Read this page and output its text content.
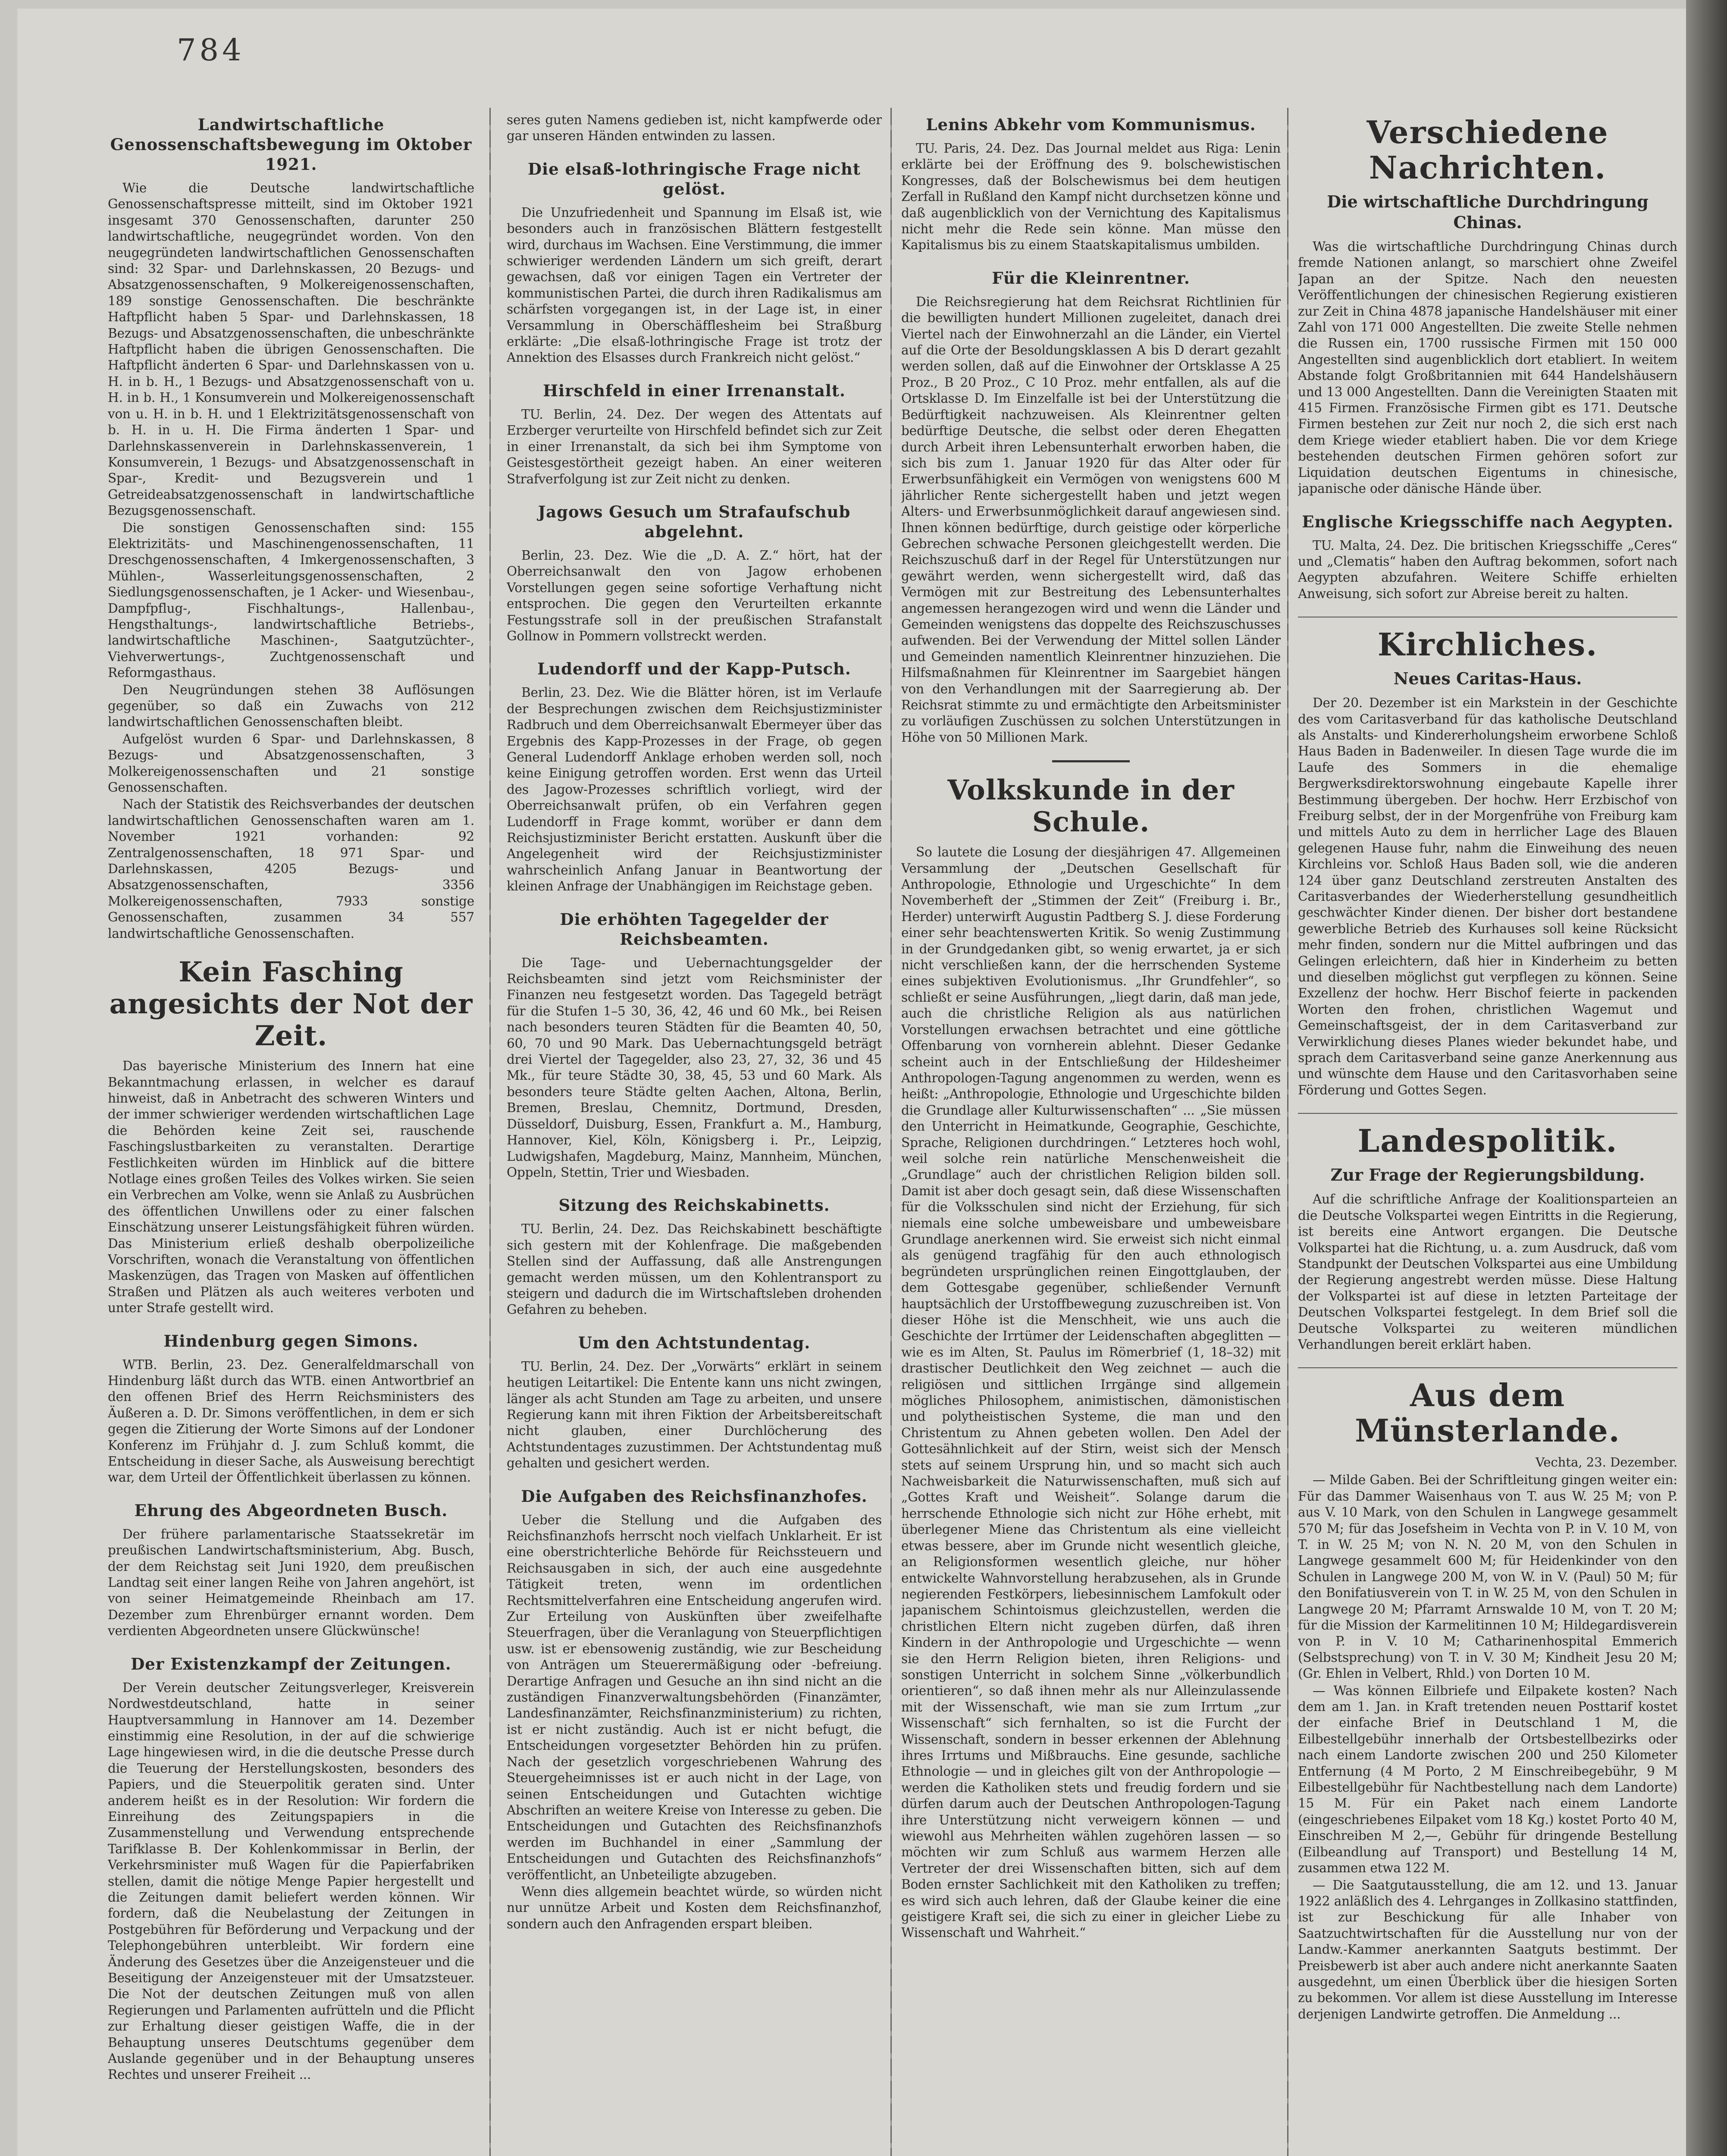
784
Landwirtschaftliche Genossenschaftsbewegung im Oktober 1921.

Wie die Deutsche landwirtschaftliche Genossenschaftspresse mitteilt, sind im Oktober 1921 insgesamt 370 Genossenschaften, darunter 250 landwirtschaftliche, neugegründet worden. Von den neugegründeten landwirtschaftlichen Genossenschaften sind: 32 Spar- und Darlehnskassen, 20 Bezugs- und Absatzgenossenschaften, 9 Molkereigenossenschaften, 189 sonstige Genossenschaften. Die beschränkte Haftpflicht haben 5 Spar- und Darlehnskassen, 18 Bezugs- und Absatzgenossenschaften, die unbeschränkte Haftpflicht haben die übrigen Genossenschaften. Die Haftpflicht änderten 6 Spar- und Darlehnskassen von u. H. in b. H., 1 Bezugs- und Absatzgenossenschaft von u. H. in b. H., 1 Konsumverein und Molkereigenossenschaft von u. H. in b. H. und 1 Elektrizitätsgenossenschaft von b. H. in u. H. Die Firma änderten 1 Spar- und Darlehnskassenverein in Darlehnskassenverein, 1 Konsumverein, 1 Bezugs- und Absatzgenossenschaft in Spar-, Kredit- und Bezugsverein und 1 Getreideabsatzgenossenschaft in landwirtschaftliche Bezugsgenossenschaft.

Die sonstigen Genossenschaften sind: 155 Elektrizitäts- und Maschinengenossenschaften, 11 Dreschgenossenschaften, 4 Imkergenossenschaften, 3 Mühlen-, Wasserleitungsgenossenschaften, 2 Siedlungsgenossenschaften, je 1 Acker- und Wiesenbau-, Dampfpflug-, Fischhaltungs-, Hallenbau-, Hengsthaltungs-, landwirtschaftliche Betriebs-, landwirtschaftliche Maschinen-, Saatgutzüchter-, Viehverwertungs-, Zuchtgenossenschaft und Reformgasthaus.

Den Neugründungen stehen 38 Auflösungen gegenüber, so daß ein Zuwachs von 212 landwirtschaftlichen Genossenschaften bleibt.

Aufgelöst wurden 6 Spar- und Darlehnskassen, 8 Bezugs- und Absatzgenossenschaften, 3 Molkereigenossenschaften und 21 sonstige Genossenschaften.

Nach der Statistik des Reichsverbandes der deutschen landwirtschaftlichen Genossenschaften waren am 1. November 1921 vorhanden: 92 Zentralgenossenschaften, 18 971 Spar- und Darlehnskassen, 4205 Bezugs- und Absatzgenossenschaften, 3356 Molkereigenossenschaften, 7933 sonstige Genossenschaften, zusammen 34 557 landwirtschaftliche Genossenschaften.

Kein Fasching angesichts der Not der Zeit.

Das bayerische Ministerium des Innern hat eine Bekanntmachung erlassen, in welcher es darauf hinweist, daß in Anbetracht des schweren Winters und der immer schwieriger werdenden wirtschaftlichen Lage die Behörden keine Zeit sei, rauschende Faschingslustbarkeiten zu veranstalten. Derartige Festlichkeiten würden im Hinblick auf die bittere Notlage eines großen Teiles des Volkes wirken. Sie seien ein Verbrechen am Volke, wenn sie Anlaß zu Ausbrüchen des öffentlichen Unwillens oder zu einer falschen Einschätzung unserer Leistungsfähigkeit führen würden. Das Ministerium erließ deshalb oberpolizeiliche Vorschriften, wonach die Veranstaltung von öffentlichen Maskenzügen, das Tragen von Masken auf öffentlichen Straßen und Plätzen als auch weiteres verboten und unter Strafe gestellt wird.

Hindenburg gegen Simons.

WTB. Berlin, 23. Dez. Generalfeldmarschall von Hindenburg läßt durch das WTB. einen Antwortbrief an den offenen Brief des Herrn Reichsministers des Äußeren a. D. Dr. Simons veröffentlichen, in dem er sich gegen die Zitierung der Worte Simons auf der Londoner Konferenz im Frühjahr d. J. zum Schluß kommt, die Entscheidung in dieser Sache, als Ausweisung berechtigt war, dem Urteil der Öffentlichkeit überlassen zu können.

Ehrung des Abgeordneten Busch.

Der frühere parlamentarische Staatssekretär im preußischen Landwirtschaftsministerium, Abg. Busch, der dem Reichstag seit Juni 1920, dem preußischen Landtag seit einer langen Reihe von Jahren angehört, ist von seiner Heimatgemeinde Rheinbach am 17. Dezember zum Ehrenbürger ernannt worden. Dem verdienten Abgeordneten unsere Glückwünsche!

Der Existenzkampf der Zeitungen.

Der Verein deutscher Zeitungsverleger, Kreisverein Nordwestdeutschland, hatte in seiner Hauptversammlung in Hannover am 14. Dezember einstimmig eine Resolution, in der auf die schwierige Lage hingewiesen wird, in die die deutsche Presse durch die Teuerung der Herstellungskosten, besonders des Papiers, und die Steuerpolitik geraten sind. Unter anderem heißt es in der Resolution: Wir fordern die Einreihung des Zeitungspapiers in die Zusammenstellung und Verwendung entsprechende Tarifklasse B. Der Kohlenkommissar in Berlin, der Verkehrsminister muß Wagen für die Papierfabriken stellen, damit die nötige Menge Papier hergestellt und die Zeitungen damit beliefert werden können. Wir fordern, daß die Neubelastung der Zeitungen in Postgebühren für Beförderung und Verpackung und der Telephongebühren unterbleibt. Wir fordern eine Änderung des Gesetzes über die Anzeigensteuer und die Beseitigung der Anzeigensteuer mit der Umsatzsteuer. Die Not der deutschen Zeitungen muß von allen Regierungen und Parlamenten aufrütteln und die Pflicht zur Erhaltung dieser geistigen Waffe, die in der Behauptung unseres Deutschtums gegenüber dem Auslande gegenüber und in der Behauptung unseres Rechtes und unserer Freiheit ...

seres guten Namens gedieben ist, nicht kampfwerde oder gar unseren Händen entwinden zu lassen.

Die elsaß-lothringische Frage nicht gelöst.

Die Unzufriedenheit und Spannung im Elsaß ist, wie besonders auch in französischen Blättern festgestellt wird, durchaus im Wachsen. Eine Verstimmung, die immer schwieriger werdenden Ländern um sich greift, derart gewachsen, daß vor einigen Tagen ein Vertreter der kommunistischen Partei, die durch ihren Radikalismus am schärfsten vorgegangen ist, in der Lage ist, in einer Versammlung in Oberschäfflesheim bei Straßburg erklärte: „Die elsaß-lothringische Frage ist trotz der Annektion des Elsasses durch Frankreich nicht gelöst.“

Hirschfeld in einer Irrenanstalt.

TU. Berlin, 24. Dez. Der wegen des Attentats auf Erzberger verurteilte von Hirschfeld befindet sich zur Zeit in einer Irrenanstalt, da sich bei ihm Symptome von Geistesgestörtheit gezeigt haben. An einer weiteren Strafverfolgung ist zur Zeit nicht zu denken.

Jagows Gesuch um Strafaufschub abgelehnt.

Berlin, 23. Dez. Wie die „D. A. Z.“ hört, hat der Oberreichsanwalt den von Jagow erhobenen Vorstellungen gegen seine sofortige Verhaftung nicht entsprochen. Die gegen den Verurteilten erkannte Festungsstrafe soll in der preußischen Strafanstalt Gollnow in Pommern vollstreckt werden.

Ludendorff und der Kapp-Putsch.

Berlin, 23. Dez. Wie die Blätter hören, ist im Verlaufe der Besprechungen zwischen dem Reichsjustizminister Radbruch und dem Oberreichsanwalt Ebermeyer über das Ergebnis des Kapp-Prozesses in der Frage, ob gegen General Ludendorff Anklage erhoben werden soll, noch keine Einigung getroffen worden. Erst wenn das Urteil des Jagow-Prozesses schriftlich vorliegt, wird der Oberreichsanwalt prüfen, ob ein Verfahren gegen Ludendorff in Frage kommt, worüber er dann dem Reichsjustizminister Bericht erstatten. Auskunft über die Angelegenheit wird der Reichsjustizminister wahrscheinlich Anfang Januar in Beantwortung der kleinen Anfrage der Unabhängigen im Reichstage geben.

Die erhöhten Tagegelder der Reichsbeamten.

Die Tage- und Uebernachtungsgelder der Reichsbeamten sind jetzt vom Reichsminister der Finanzen neu festgesetzt worden. Das Tagegeld beträgt für die Stufen 1–5 30, 36, 42, 46 und 60 Mk., bei Reisen nach besonders teuren Städten für die Beamten 40, 50, 60, 70 und 90 Mark. Das Uebernachtungsgeld beträgt drei Viertel der Tagegelder, also 23, 27, 32, 36 und 45 Mk., für teure Städte 30, 38, 45, 53 und 60 Mark. Als besonders teure Städte gelten Aachen, Altona, Berlin, Bremen, Breslau, Chemnitz, Dortmund, Dresden, Düsseldorf, Duisburg, Essen, Frankfurt a. M., Hamburg, Hannover, Kiel, Köln, Königsberg i. Pr., Leipzig, Ludwigshafen, Magdeburg, Mainz, Mannheim, München, Oppeln, Stettin, Trier und Wiesbaden.

Sitzung des Reichskabinetts.

TU. Berlin, 24. Dez. Das Reichskabinett beschäftigte sich gestern mit der Kohlenfrage. Die maßgebenden Stellen sind der Auffassung, daß alle Anstrengungen gemacht werden müssen, um den Kohlentransport zu steigern und dadurch die im Wirtschaftsleben drohenden Gefahren zu beheben.

Um den Achtstundentag.

TU. Berlin, 24. Dez. Der „Vorwärts“ erklärt in seinem heutigen Leitartikel: Die Entente kann uns nicht zwingen, länger als acht Stunden am Tage zu arbeiten, und unsere Regierung kann mit ihren Fiktion der Arbeitsbereitschaft nicht glauben, einer Durchlöcherung des Achtstundentages zuzustimmen. Der Achtstundentag muß gehalten und gesichert werden.

Die Aufgaben des Reichsfinanzhofes.

Ueber die Stellung und die Aufgaben des Reichsfinanzhofs herrscht noch vielfach Unklarheit. Er ist eine oberstrichterliche Behörde für Reichssteuern und Reichsausgaben in sich, der auch eine ausgedehnte Tätigkeit treten, wenn im ordentlichen Rechtsmittelverfahren eine Entscheidung angerufen wird. Zur Erteilung von Auskünften über zweifelhafte Steuerfragen, über die Veranlagung von Steuerpflichtigen usw. ist er ebensowenig zuständig, wie zur Bescheidung von Anträgen um Steuerermäßigung oder -befreiung. Derartige Anfragen und Gesuche an ihn sind nicht an die zuständigen Finanzverwaltungsbehörden (Finanzämter, Landesfinanzämter, Reichsfinanzministerium) zu richten, ist er nicht zuständig. Auch ist er nicht befugt, die Entscheidungen vorgesetzter Behörden hin zu prüfen. Nach der gesetzlich vorgeschriebenen Wahrung des Steuergeheimnisses ist er auch nicht in der Lage, von seinen Entscheidungen und Gutachten wichtige Abschriften an weitere Kreise von Interesse zu geben. Die Entscheidungen und Gutachten des Reichsfinanzhofs werden im Buchhandel in einer „Sammlung der Entscheidungen und Gutachten des Reichsfinanzhofs“ veröffentlicht, an Unbeteiligte abzugeben.

Wenn dies allgemein beachtet würde, so würden nicht nur unnütze Arbeit und Kosten dem Reichsfinanzhof, sondern auch den Anfragenden erspart bleiben.

Lenins Abkehr vom Kommunismus.

TU. Paris, 24. Dez. Das Journal meldet aus Riga: Lenin erklärte bei der Eröffnung des 9. bolschewistischen Kongresses, daß der Bolschewismus bei dem heutigen Zerfall in Rußland den Kampf nicht durchsetzen könne und daß augenblicklich von der Vernichtung des Kapitalismus nicht mehr die Rede sein könne. Man müsse den Kapitalismus bis zu einem Staatskapitalismus umbilden.

Für die Kleinrentner.

Die Reichsregierung hat dem Reichsrat Richtlinien für die bewilligten hundert Millionen zugeleitet, danach drei Viertel nach der Einwohnerzahl an die Länder, ein Viertel auf die Orte der Besoldungsklassen A bis D derart gezahlt werden sollen, daß auf die Einwohner der Ortsklasse A 25 Proz., B 20 Proz., C 10 Proz. mehr entfallen, als auf die Ortsklasse D. Im Einzelfalle ist bei der Unterstützung die Bedürftigkeit nachzuweisen. Als Kleinrentner gelten bedürftige Deutsche, die selbst oder deren Ehegatten durch Arbeit ihren Lebensunterhalt erworben haben, die sich bis zum 1. Januar 1920 für das Alter oder für Erwerbsunfähigkeit ein Vermögen von wenigstens 600 M jährlicher Rente sichergestellt haben und jetzt wegen Alters- und Erwerbsunmöglichkeit darauf angewiesen sind. Ihnen können bedürftige, durch geistige oder körperliche Gebrechen schwache Personen gleichgestellt werden. Die Reichszuschuß darf in der Regel für Unterstützungen nur gewährt werden, wenn sichergestellt wird, daß das Vermögen mit zur Bestreitung des Lebensunterhaltes angemessen herangezogen wird und wenn die Länder und Gemeinden wenigstens das doppelte des Reichszuschusses aufwenden. Bei der Verwendung der Mittel sollen Länder und Gemeinden namentlich Kleinrentner hinzuziehen. Die Hilfsmaßnahmen für Kleinrentner im Saargebiet hängen von den Verhandlungen mit der Saarregierung ab. Der Reichsrat stimmte zu und ermächtigte den Arbeitsminister zu vorläufigen Zuschüssen zu solchen Unterstützungen in Höhe von 50 Millionen Mark.

Volkskunde in der Schule.

So lautete die Losung der diesjährigen 47. Allgemeinen Versammlung der „Deutschen Gesellschaft für Anthropologie, Ethnologie und Urgeschichte“ In dem Novemberheft der „Stimmen der Zeit“ (Freiburg i. Br., Herder) unterwirft Augustin Padtberg S. J. diese Forderung einer sehr beachtenswerten Kritik. So wenig Zustimmung in der Grundgedanken gibt, so wenig erwartet, ja er sich nicht verschließen kann, der die herrschenden Systeme eines subjektiven Evolutionismus. „Ihr Grundfehler“, so schließt er seine Ausführungen, „liegt darin, daß man jede, auch die christliche Religion als aus natürlichen Vorstellungen erwachsen betrachtet und eine göttliche Offenbarung von vornherein ablehnt. Dieser Gedanke scheint auch in der Entschließung der Hildesheimer Anthropologen-Tagung angenommen zu werden, wenn es heißt: „Anthropologie, Ethnologie und Urgeschichte bilden die Grundlage aller Kulturwissenschaften“ ... „Sie müssen den Unterricht in Heimatkunde, Geographie, Geschichte, Sprache, Religionen durchdringen.“ Letzteres hoch wohl, weil solche rein natürliche Menschenweisheit die „Grundlage“ auch der christlichen Religion bilden soll. Damit ist aber doch gesagt sein, daß diese Wissenschaften für die Volksschulen sind nicht der Erziehung, für sich niemals eine solche umbeweisbare und umbeweisbare Grundlage anerkennen wird. Sie erweist sich nicht einmal als genügend tragfähig für den auch ethnologisch begründeten ursprünglichen reinen Eingottglauben, der dem Gottesgabe gegenüber, schließender Vernunft hauptsächlich der Urstoffbewegung zuzuschreiben ist. Von dieser Höhe ist die Menschheit, wie uns auch die Geschichte der Irrtümer der Leidenschaften abgeglitten — wie es im Alten, St. Paulus im Römerbrief (1, 18–32) mit drastischer Deutlichkeit den Weg zeichnet — auch die religiösen und sittlichen Irrgänge sind allgemein mögliches Philosophem, animistischen, dämonistischen und polytheistischen Systeme, die man und den Christentum zu Ahnen gebeten wollen. Den Adel der Gottesähnlichkeit auf der Stirn, weist sich der Mensch stets auf seinem Ursprung hin, und so macht sich auch Nachweisbarkeit die Naturwissenschaften, muß sich auf „Gottes Kraft und Weisheit“. Solange darum die herrschende Ethnologie sich nicht zur Höhe erhebt, mit überlegener Miene das Christentum als eine vielleicht etwas bessere, aber im Grunde nicht wesentlich gleiche, an Religionsformen wesentlich gleiche, nur höher entwickelte Wahnvorstellung herabzusehen, als in Grunde negierenden Festkörpers, liebesinnischem Lamfokult oder japanischem Schintoismus gleichzustellen, werden die christlichen Eltern nicht zugeben dürfen, daß ihren Kindern in der Anthropologie und Urgeschichte — wenn sie den Herrn Religion bieten, ihren Religions- und sonstigen Unterricht in solchem Sinne „völkerbundlich orientieren“, so daß ihnen mehr als nur Alleinzulassende mit der Wissenschaft, wie man sie zum Irrtum „zur Wissenschaft“ sich fernhalten, so ist die Furcht der Wissenschaft, sondern in besser erkennen der Ablehnung ihres Irrtums und Mißbrauchs. Eine gesunde, sachliche Ethnologie — und in gleiches gilt von der Anthropologie — werden die Katholiken stets und freudig fordern und sie dürfen darum auch der Deutschen Anthropologen-Tagung ihre Unterstützung nicht verweigern können — und wiewohl aus Mehrheiten wählen zugehören lassen — so möchten wir zum Schluß aus warmem Herzen alle Vertreter der drei Wissenschaften bitten, sich auf dem Boden ernster Sachlichkeit mit den Katholiken zu treffen; es wird sich auch lehren, daß der Glaube keiner die eine geistigere Kraft sei, die sich zu einer in gleicher Liebe zu Wissenschaft und Wahrheit.“

Verschiedene Nachrichten.
Die wirtschaftliche Durchdringung Chinas.

Was die wirtschaftliche Durchdringung Chinas durch fremde Nationen anlangt, so marschiert ohne Zweifel Japan an der Spitze. Nach den neuesten Veröffentlichungen der chinesischen Regierung existieren zur Zeit in China 4878 japanische Handelshäuser mit einer Zahl von 171 000 Angestellten. Die zweite Stelle nehmen die Russen ein, 1700 russische Firmen mit 150 000 Angestellten sind augenblicklich dort etabliert. In weitem Abstande folgt Großbritannien mit 644 Handelshäusern und 13 000 Angestellten. Dann die Vereinigten Staaten mit 415 Firmen. Französische Firmen gibt es 171. Deutsche Firmen bestehen zur Zeit nur noch 2, die sich erst nach dem Kriege wieder etabliert haben. Die vor dem Kriege bestehenden deutschen Firmen gehören sofort zur Liquidation deutschen Eigentums in chinesische, japanische oder dänische Hände über.

Englische Kriegsschiffe nach Aegypten.

TU. Malta, 24. Dez. Die britischen Kriegsschiffe „Ceres“ und „Clematis“ haben den Auftrag bekommen, sofort nach Aegypten abzufahren. Weitere Schiffe erhielten Anweisung, sich sofort zur Abreise bereit zu halten.

Kirchliches.
Neues Caritas-Haus.

Der 20. Dezember ist ein Markstein in der Geschichte des vom Caritasverband für das katholische Deutschland als Anstalts- und Kindererholungsheim erworbene Schloß Haus Baden in Badenweiler. In diesen Tage wurde die im Laufe des Sommers in die ehemalige Bergwerksdirektorswohnung eingebaute Kapelle ihrer Bestimmung übergeben. Der hochw. Herr Erzbischof von Freiburg selbst, der in der Morgenfrühe von Freiburg kam und mittels Auto zu dem in herrlicher Lage des Blauen gelegenen Hause fuhr, nahm die Einweihung des neuen Kirchleins vor. Schloß Haus Baden soll, wie die anderen 124 über ganz Deutschland zerstreuten Anstalten des Caritasverbandes der Wiederherstellung gesundheitlich geschwächter Kinder dienen. Der bisher dort bestandene gewerbliche Betrieb des Kurhauses soll keine Rücksicht mehr finden, sondern nur die Mittel aufbringen und das Gelingen erleichtern, daß hier in Kinderheim zu betten und dieselben möglichst gut verpflegen zu können. Seine Exzellenz der hochw. Herr Bischof feierte in packenden Worten den frohen, christlichen Wagemut und Gemeinschaftsgeist, der in dem Caritasverband zur Verwirklichung dieses Planes wieder bekundet habe, und sprach dem Caritasverband seine ganze Anerkennung aus und wünschte dem Hause und den Caritasvorhaben seine Förderung und Gottes Segen.

Landespolitik.
Zur Frage der Regierungsbildung.

Auf die schriftliche Anfrage der Koalitionsparteien an die Deutsche Volkspartei wegen Eintritts in die Regierung, ist bereits eine Antwort ergangen. Die Deutsche Volkspartei hat die Richtung, u. a. zum Ausdruck, daß vom Standpunkt der Deutschen Volkspartei aus eine Umbildung der Regierung angestrebt werden müsse. Diese Haltung der Volkspartei ist auf diese in letzten Parteitage der Deutschen Volkspartei festgelegt. In dem Brief soll die Deutsche Volkspartei zu weiteren mündlichen Verhandlungen bereit erklärt haben.

Aus dem Münsterlande.
Vechta, 23. Dezember.

— Milde Gaben. Bei der Schriftleitung gingen weiter ein: Für das Dammer Waisenhaus von T. aus W. 25 M; von P. aus V. 10 Mark, von den Schulen in Langwege gesammelt 570 M; für das Josefsheim in Vechta von P. in V. 10 M, von T. in W. 25 M; von N. N. 20 M, von den Schulen in Langwege gesammelt 600 M; für Heidenkinder von den Schulen in Langwege 200 M, von W. in V. (Paul) 50 M; für den Bonifatiusverein von T. in W. 25 M, von den Schulen in Langwege 20 M; Pfarramt Arnswalde 10 M, von T. 20 M; für die Mission der Karmelitinnen 10 M; Hildegardisverein von P. in V. 10 M; Catharinenhospital Emmerich (Selbstsprechung) von T. in V. 30 M; Kindheit Jesu 20 M; (Gr. Ehlen in Velbert, Rhld.) von Dorten 10 M.

— Was können Eilbriefe und Eilpakete kosten? Nach dem am 1. Jan. in Kraft tretenden neuen Posttarif kostet der einfache Brief in Deutschland 1 M, die Eilbestellgebühr innerhalb der Ortsbestellbezirks oder nach einem Landorte zwischen 200 und 250 Kilometer Entfernung (4 M Porto, 2 M Einschreibegebühr, 9 M Eilbestellgebühr für Nachtbestellung nach dem Landorte) 15 M. Für ein Paket nach einem Landorte (eingeschriebenes Eilpaket vom 18 Kg.) kostet Porto 40 M, Einschreiben M 2,—, Gebühr für dringende Bestellung (Eilbeandlung auf Transport) und Bestellung 14 M, zusammen etwa 122 M.

— Die Saatgutausstellung, die am 12. und 13. Januar 1922 anläßlich des 4. Lehrganges in Zollkasino stattfinden, ist zur Beschickung für alle Inhaber von Saatzuchtwirtschaften für die Ausstellung nur von der Landw.-Kammer anerkannten Saatguts bestimmt. Der Preisbewerb ist aber auch andere nicht anerkannte Saaten ausgedehnt, um einen Überblick über die hiesigen Sorten zu bekommen. Vor allem ist diese Ausstellung im Interesse derjenigen Landwirte getroffen. Die Anmeldung ...
